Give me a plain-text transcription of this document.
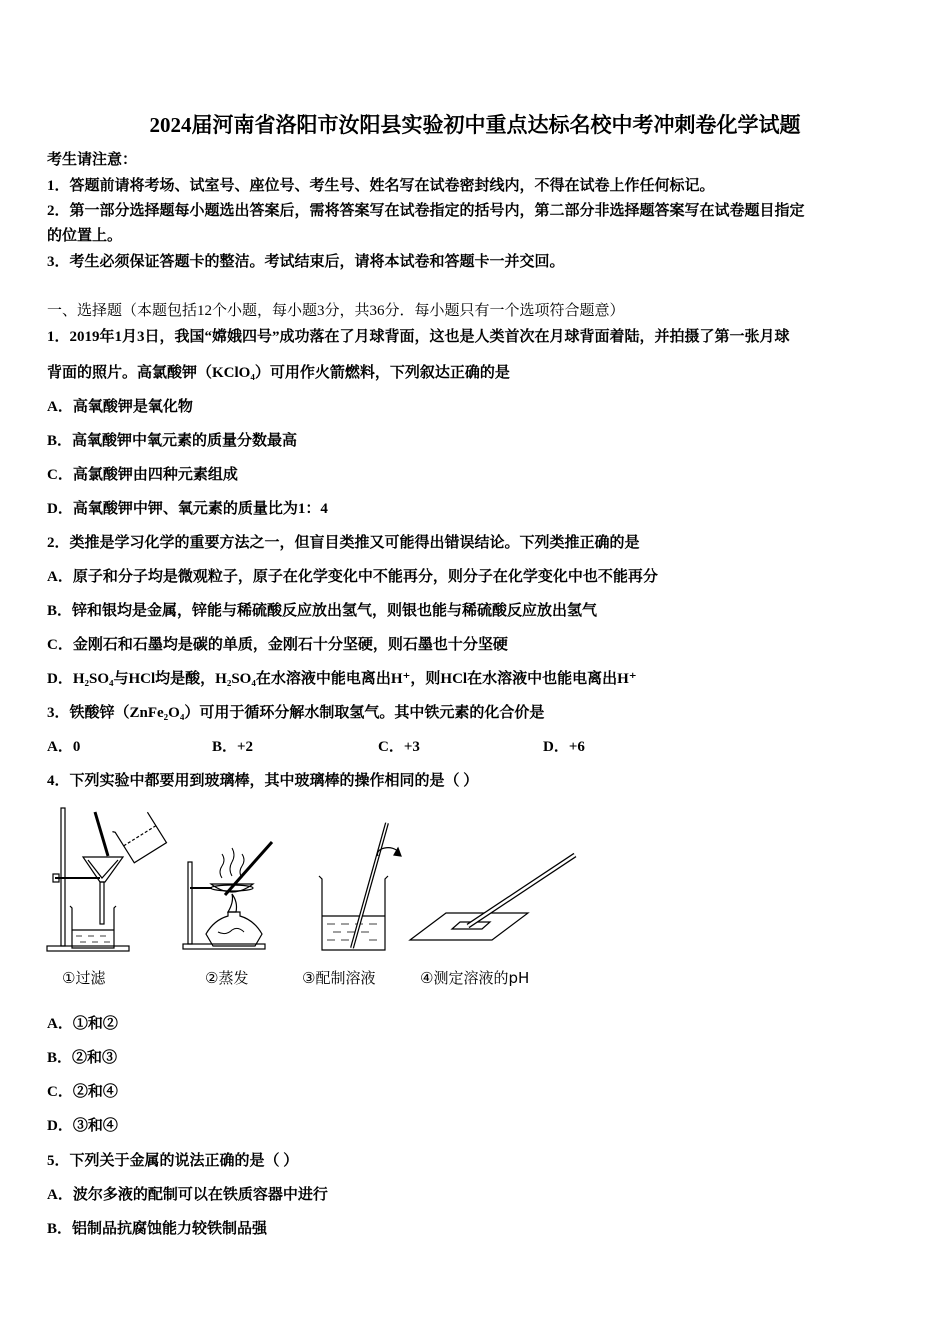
2024届河南省洛阳市汝阳县实验初中重点达标名校中考冲刺卷化学试题
考生请注意：
1．答题前请将考场、试室号、座位号、考生号、姓名写在试卷密封线内，不得在试卷上作任何标记。
2．第一部分选择题每小题选出答案后，需将答案写在试卷指定的括号内，第二部分非选择题答案写在试卷题目指定
的位置上。
3．考生必须保证答题卡的整洁。考试结束后，请将本试卷和答题卡一并交回。
一、选择题（本题包括12个小题，每小题3分，共36分．每小题只有一个选项符合题意）
1．2019年1月3日，我国“嫦娥四号”成功落在了月球背面，这也是人类首次在月球背面着陆，并拍摄了第一张月球
背面的照片。高氯酸钾（KClO₄）可用作火箭燃料，下列叙达正确的是
A．高氧酸钾是氧化物
B．高氧酸钾中氧元素的质量分数最高
C．高氯酸钾由四种元素组成
D．高氧酸钾中钾、氧元素的质量比为1：4
2．类推是学习化学的重要方法之一，但盲目类推又可能得出错误结论。下列类推正确的是
A．原子和分子均是微观粒子，原子在化学变化中不能再分，则分子在化学变化中也不能再分
B．锌和银均是金属，锌能与稀硫酸反应放出氢气，则银也能与稀硫酸反应放出氢气
C．金刚石和石墨均是碳的单质，金刚石十分坚硬，则石墨也十分坚硬
D．H₂SO₄与HCl均是酸，H₂SO₄在水溶液中能电离出H⁺，则HCl在水溶液中也能电离出H⁺
3．铁酸锌（ZnFe₂O₄）可用于循环分解水制取氢气。其中铁元素的化合价是
A．0	B．+2	C．+3	D．+6
4．下列实验中都要用到玻璃棒，其中玻璃棒的操作相同的是（ ）
①过滤	②蒸发	③配制溶液	④测定溶液的pH
A．①和②
B．②和③
C．②和④
D．③和④
5．下列关于金属的说法正确的是（ ）
A．波尔多液的配制可以在铁质容器中进行
B．铝制品抗腐蚀能力较铁制品强
